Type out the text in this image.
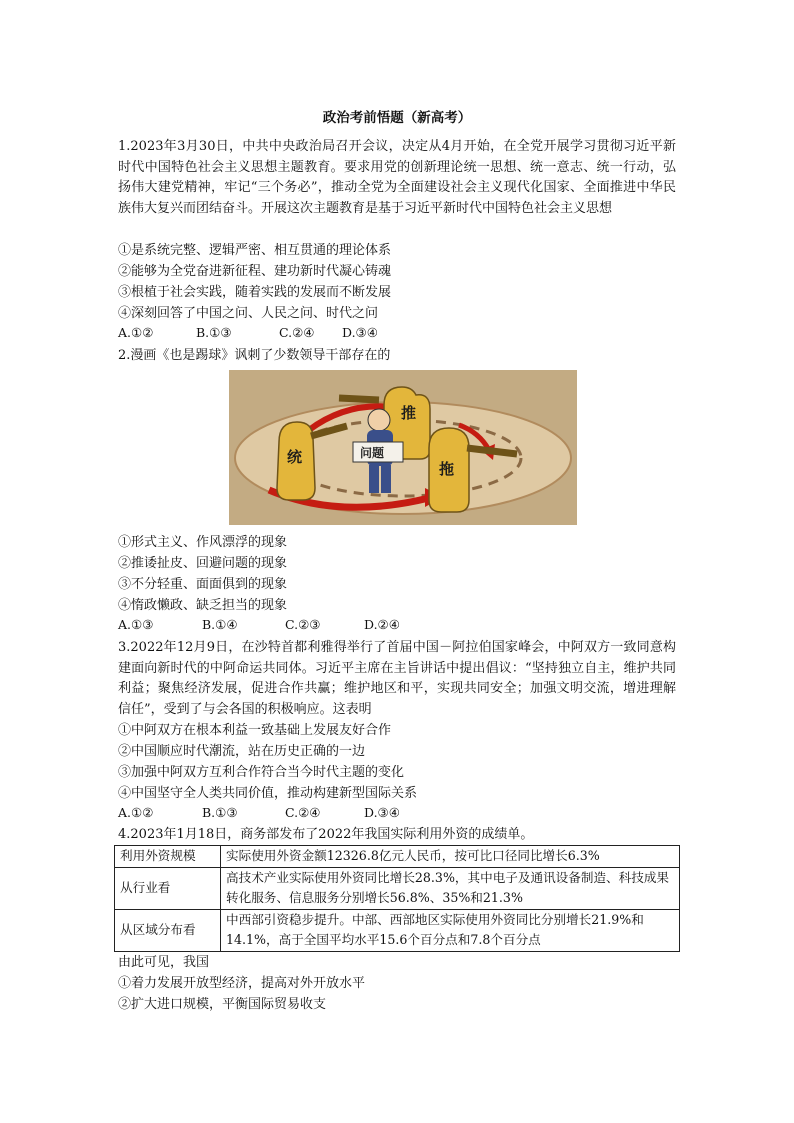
政治考前悟题（新高考）

1.2023年3月30日，中共中央政治局召开会议，决定从4月开始，在全党开展学习贯彻习近平新时代中国特色社会主义思想主题教育。要求用党的创新理论统一思想、统一意志、统一行动，弘扬伟大建党精神，牢记“三个务必”，推动全党为全面建设社会主义现代化国家、全面推进中华民族伟大复兴而团结奋斗。开展这次主题教育是基于习近平新时代中国特色社会主义思想

①是系统完整、逻辑严密、相互贯通的理论体系

②能够为全党奋进新征程、建功新时代凝心铸魂

③根植于社会实践，随着实践的发展而不断发展

④深刻回答了中国之问、人民之问、时代之问

A.①②	B.①③	C.②④ D.③④

2.漫画《也是踢球》讽刺了少数领导干部存在的

推
统
拖
问题

①形式主义、作风漂浮的现象

②推诿扯皮、回避问题的现象

③不分轻重、面面俱到的现象

④惰政懒政、缺乏担当的现象

A.①③	B.①④	C.②③	D.②④

3.2022年12月9日，在沙特首都利雅得举行了首届中国－阿拉伯国家峰会，中阿双方一致同意构建面向新时代的中阿命运共同体。习近平主席在主旨讲话中提出倡议：“坚持独立自主，维护共同利益；聚焦经济发展，促进合作共赢；维护地区和平，实现共同安全；加强文明交流，增进理解信任”，受到了与会各国的积极响应。这表明

①中阿双方在根本利益一致基础上发展友好合作

②中国顺应时代潮流，站在历史正确的一边

③加强中阿双方互利合作符合当今时代主题的变化

④中国坚守全人类共同价值，推动构建新型国际关系

A.①②	B.①③	C.②④	D.③④

4.2023年1月18日，商务部发布了2022年我国实际利用外资的成绩单。

利用外资规模	实际使用外资金额12326.8亿元人民币，按可比口径同比增长6.3%
从行业看	高技术产业实际使用外资同比增长28.3%，其中电子及通讯设备制造、科技成果转化服务、信息服务分别增长56.8%、35%和21.3%
从区域分布看	中西部引资稳步提升。中部、西部地区实际使用外资同比分别增长21.9%和14.1%，高于全国平均水平15.6个百分点和7.8个百分点

由此可见，我国

①着力发展开放型经济，提高对外开放水平

②扩大进口规模，平衡国际贸易收支
